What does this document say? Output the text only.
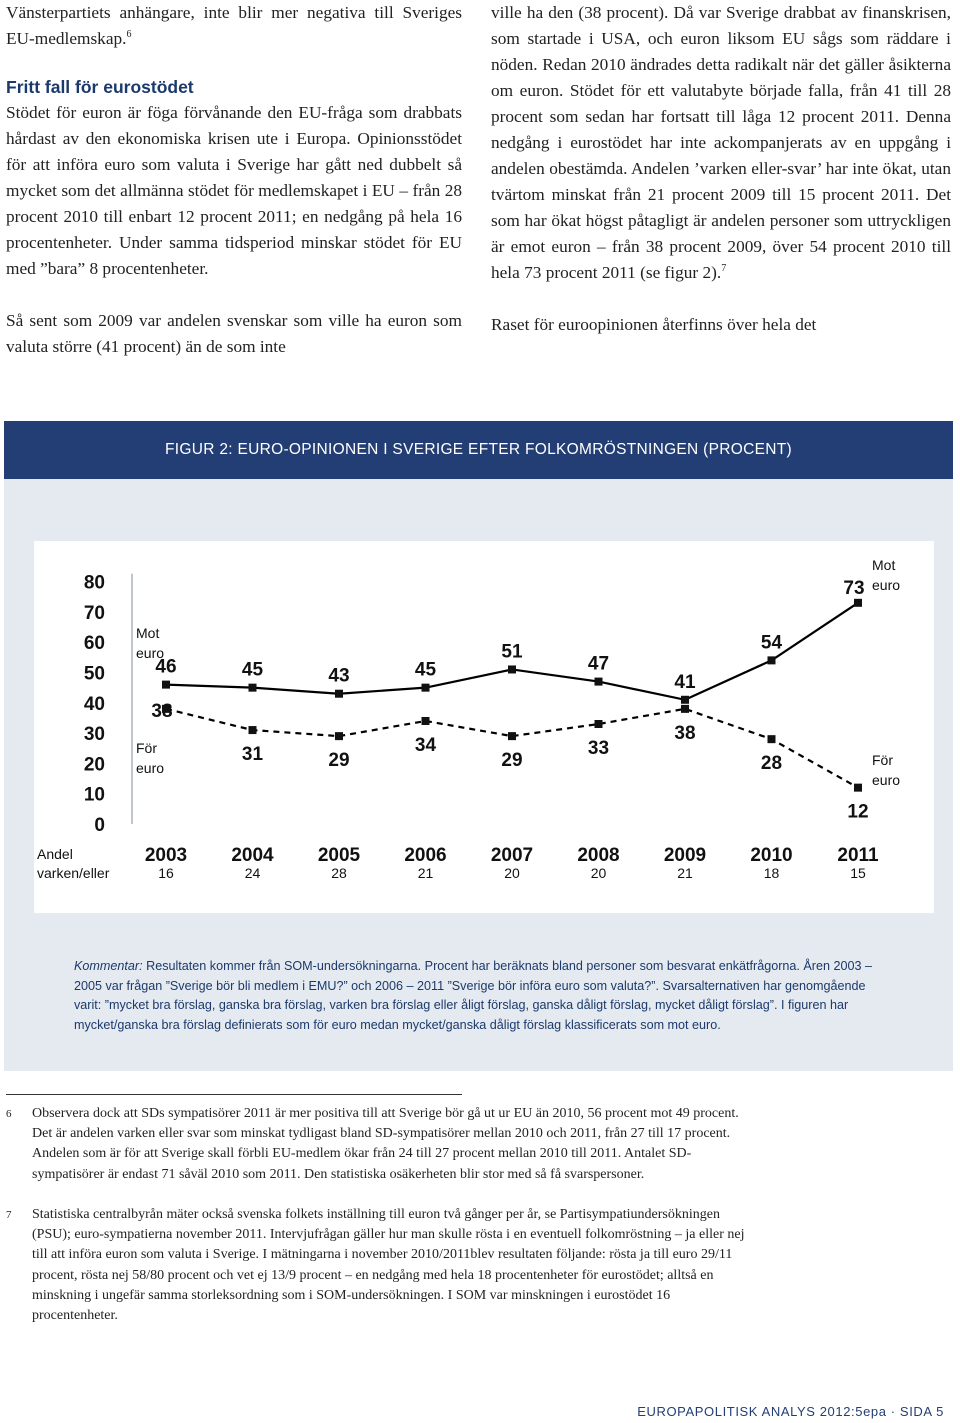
Vänsterpartiets anhängare, inte blir mer negativa till Sveriges EU-medlemskap.$^6$

Fritt fall för eurostödet

Stödet för euron är föga förvånande den EU-fråga som drabbats hårdast av den ekonomiska krisen ute i Europa. Opinionsstödet för att införa euro som valuta i Sverige har gått ned dubbelt så mycket som det allmänna stödet för medlemskapet i EU – från 28 procent 2010 till enbart 12 procent 2011; en nedgång på hela 16 procentenheter. Under samma tidsperiod minskar stödet för EU med ”bara” 8 procentenheter.

Så sent som 2009 var andelen svenskar som ville ha euron som valuta större (41 procent) än de som inte

ville ha den (38 procent). Då var Sverige drabbat av finanskrisen, som startade i USA, och euron liksom EU sågs som räddare i nöden. Redan 2010 ändrades detta radikalt när det gäller åsikterna om euron. Stödet för ett valutabyte började falla, från 41 till 28 procent som sedan har fortsatt till låga 12 procent 2011. Denna nedgång i eurostödet har inte ackompanjerats av en uppgång i andelen obestämda. Andelen ’varken eller-svar’ har inte ökat, utan tvärtom minskat från 21 procent 2009 till 15 procent 2011. Det som har ökat högst påtagligt är andelen personer som uttryckligen är emot euron – från 38 procent 2009, över 54 procent 2010 till hela 73 procent 2011 (se figur 2).$^7$

Raset för euroopinionen återfinns över hela det

FIGUR 2: EURO-OPINIONEN I SVERIGE EFTER FOLKOMRÖSTNINGEN (PROCENT)
0
10
20
30
40
50
60
70
80
2003 2004 2005 2006 2007 2008 2009 2010 2011
16	24	28	21	20	20	21	18	15
Andel
varken/eller
46	45	43	45
51
47
41
54
73
38
31	29
34
29
33
38
28
12
Mot
euro
För
euro
Mot
euro
För
euro
Kommentar: Resultaten kommer från SOM-undersökningarna. Procent har beräknats bland personer som besvarat enkätfrågorna. Åren 2003 – 2005 var frågan ”Sverige bör bli medlem i EMU?” och 2006 – 2011 ”Sverige bör införa euro som valuta?”. Svarsalternativen har genomgående varit: ”mycket bra förslag, ganska bra förslag, varken bra förslag eller åligt förslag, ganska dåligt förslag, mycket dåligt förslag”. I figuren har mycket/ganska bra förslag definierats som för euro medan mycket/ganska dåligt förslag klassificerats som mot euro.
6 Observera dock att SDs sympatisörer 2011 är mer positiva till att Sverige bör gå ut ur EU än 2010, 56 procent mot 49 procent. Det är andelen varken eller svar som minskat tydligast bland SD-sympatisörer mellan 2010 och 2011, från 27 till 17 procent. Andelen som är för att Sverige skall förbli EU-medlem ökar från 24 till 27 procent mellan 2010 till 2011. Antalet SD-sympatisörer är endast 71 såväl 2010 som 2011. Den statistiska osäkerheten blir stor med så få svarspersoner.
7 Statistiska centralbyrån mäter också svenska folkets inställning till euron två gånger per år, se Partisympatiundersökningen (PSU); euro-sympatierna november 2011. Intervjufrågan gäller hur man skulle rösta i en eventuell folkomröstning – ja eller nej till att införa euron som valuta i Sverige. I mätningarna i november 2010/2011blev resultaten följande: rösta ja till euro 29/11 procent, rösta nej 58/80 procent och vet ej 13/9 procent – en nedgång med hela 18 procentenheter för eurostödet; alltså en minskning i ungefär samma storleksordning som i SOM-undersökningen. I SOM var minskningen i eurostödet 16 procentenheter.
EUROPAPOLITISK ANALYS 2012:5epa · SIDA 5
